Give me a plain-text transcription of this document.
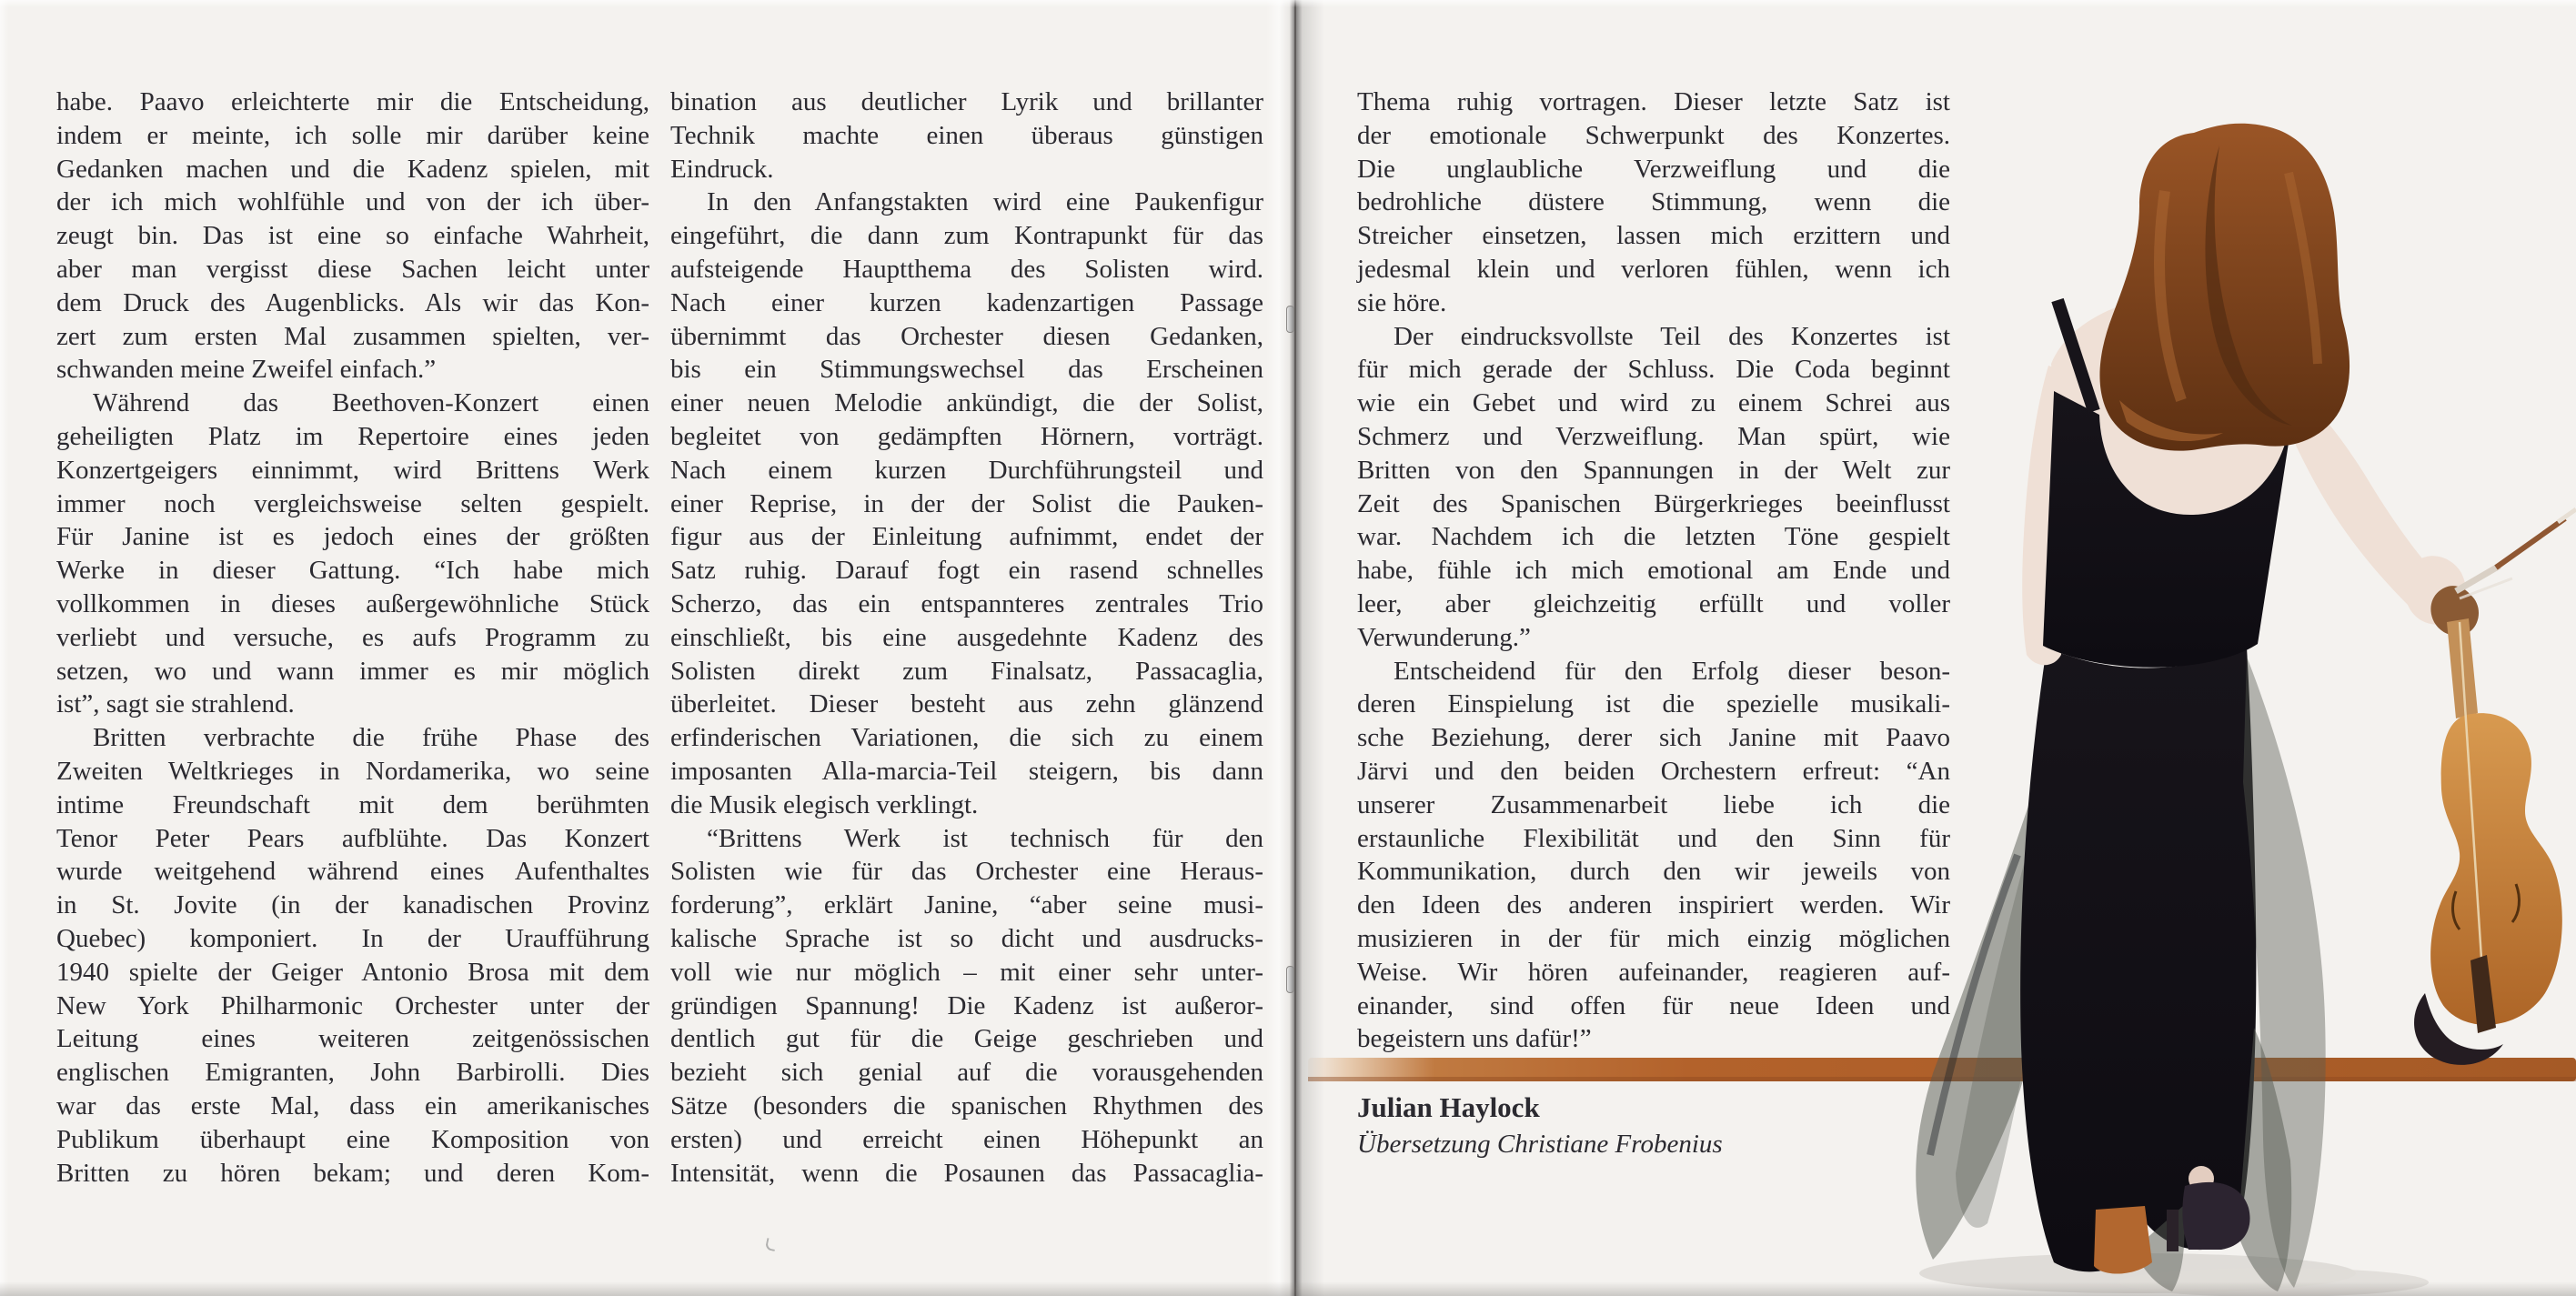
habe. Paavo erleichterte mir die Entscheidung,
indem er meinte, ich solle mir darüber keine
Gedanken machen und die Kadenz spielen, mit
der ich mich wohlfühle und von der ich über-
zeugt bin. Das ist eine so einfache Wahrheit,
aber man vergisst diese Sachen leicht unter
dem Druck des Augenblicks. Als wir das Kon-
zert zum ersten Mal zusammen spielten, ver-
schwanden meine Zweifel einfach.”
Während das Beethoven-Konzert einen
geheiligten Platz im Repertoire eines jeden
Konzertgeigers einnimmt, wird Brittens Werk
immer noch vergleichsweise selten gespielt.
Für Janine ist es jedoch eines der größten
Werke in dieser Gattung. “Ich habe mich
vollkommen in dieses außergewöhnliche Stück
verliebt und versuche, es aufs Programm zu
setzen, wo und wann immer es mir möglich
ist”, sagt sie strahlend.
Britten verbrachte die frühe Phase des
Zweiten Weltkrieges in Nordamerika, wo seine
intime Freundschaft mit dem berühmten
Tenor Peter Pears aufblühte. Das Konzert
wurde weitgehend während eines Aufenthaltes
in St. Jovite (in der kanadischen Provinz
Quebec) komponiert. In der Uraufführung
1940 spielte der Geiger Antonio Brosa mit dem
New York Philharmonic Orchester unter der
Leitung eines weiteren zeitgenössischen
englischen Emigranten, John Barbirolli. Dies
war das erste Mal, dass ein amerikanisches
Publikum überhaupt eine Komposition von
Britten zu hören bekam; und deren Kom-
bination aus deutlicher Lyrik und brillanter
Technik machte einen überaus günstigen
Eindruck.
In den Anfangstakten wird eine Paukenfigur
eingeführt, die dann zum Kontrapunkt für das
aufsteigende Hauptthema des Solisten wird.
Nach einer kurzen kadenzartigen Passage
übernimmt das Orchester diesen Gedanken,
bis ein Stimmungswechsel das Erscheinen
einer neuen Melodie ankündigt, die der Solist,
begleitet von gedämpften Hörnern, vorträgt.
Nach einem kurzen Durchführungsteil und
einer Reprise, in der der Solist die Pauken-
figur aus der Einleitung aufnimmt, endet der
Satz ruhig. Darauf fogt ein rasend schnelles
Scherzo, das ein entspannteres zentrales Trio
einschließt, bis eine ausgedehnte Kadenz des
Solisten direkt zum Finalsatz, Passacaglia,
überleitet. Dieser besteht aus zehn glänzend
erfinderischen Variationen, die sich zu einem
imposanten Alla-marcia-Teil steigern, bis dann
die Musik elegisch verklingt.
“Brittens Werk ist technisch für den
Solisten wie für das Orchester eine Heraus-
forderung”, erklärt Janine, “aber seine musi-
kalische Sprache ist so dicht und ausdrucks-
voll wie nur möglich – mit einer sehr unter-
gründigen Spannung! Die Kadenz ist außeror-
dentlich gut für die Geige geschrieben und
bezieht sich genial auf die vorausgehenden
Sätze (besonders die spanischen Rhythmen des
ersten) und erreicht einen Höhepunkt an
Intensität, wenn die Posaunen das Passacaglia-
Thema ruhig vortragen. Dieser letzte Satz ist
der emotionale Schwerpunkt des Konzertes.
Die unglaubliche Verzweiflung und die
bedrohliche düstere Stimmung, wenn die
Streicher einsetzen, lassen mich erzittern und
jedesmal klein und verloren fühlen, wenn ich
sie höre.
Der eindrucksvollste Teil des Konzertes ist
für mich gerade der Schluss. Die Coda beginnt
wie ein Gebet und wird zu einem Schrei aus
Schmerz und Verzweiflung. Man spürt, wie
Britten von den Spannungen in der Welt zur
Zeit des Spanischen Bürgerkrieges beeinflusst
war. Nachdem ich die letzten Töne gespielt
habe, fühle ich mich emotional am Ende und
leer, aber gleichzeitig erfüllt und voller
Verwunderung.”
Entscheidend für den Erfolg dieser beson-
deren Einspielung ist die spezielle musikali-
sche Beziehung, derer sich Janine mit Paavo
Järvi und den beiden Orchestern erfreut: “An
unserer Zusammenarbeit liebe ich die
erstaunliche Flexibilität und den Sinn für
Kommunikation, durch den wir jeweils von
den Ideen des anderen inspiriert werden. Wir
musizieren in der für mich einzig möglichen
Weise. Wir hören aufeinander, reagieren auf-
einander, sind offen für neue Ideen und
begeistern uns dafür!”
Julian Haylock
Übersetzung Christiane Frobenius
